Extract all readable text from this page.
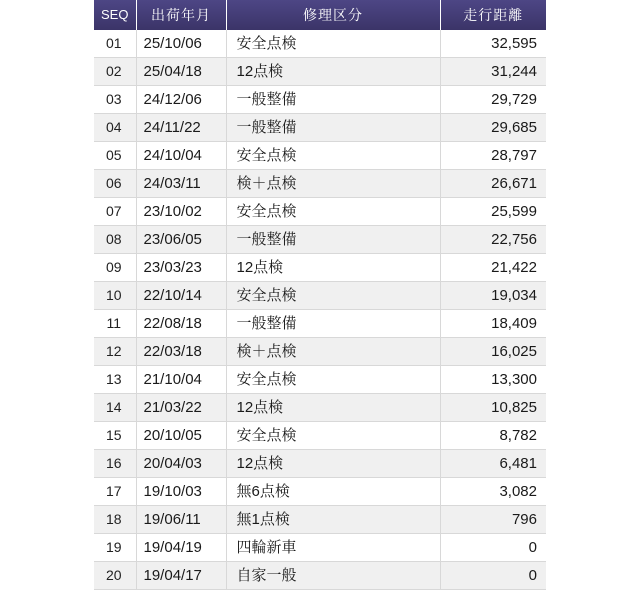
SEQ	出荷年月	修理区分	走行距離
01	25/10/06	安全点検	32,595
02	25/04/18	12点検	31,244
03	24/12/06	一般整備	29,729
04	24/11/22	一般整備	29,685
05	24/10/04	安全点検	28,797
06	24/03/11	検＋点検	26,671
07	23/10/02	安全点検	25,599
08	23/06/05	一般整備	22,756
09	23/03/23	12点検	21,422
10	22/10/14	安全点検	19,034
11	22/08/18	一般整備	18,409
12	22/03/18	検＋点検	16,025
13	21/10/04	安全点検	13,300
14	21/03/22	12点検	10,825
15	20/10/05	安全点検	8,782
16	20/04/03	12点検	6,481
17	19/10/03	無6点検	3,082
18	19/06/11	無1点検	796
19	19/04/19	四輪新車	0
20	19/04/17	自家一般	0
